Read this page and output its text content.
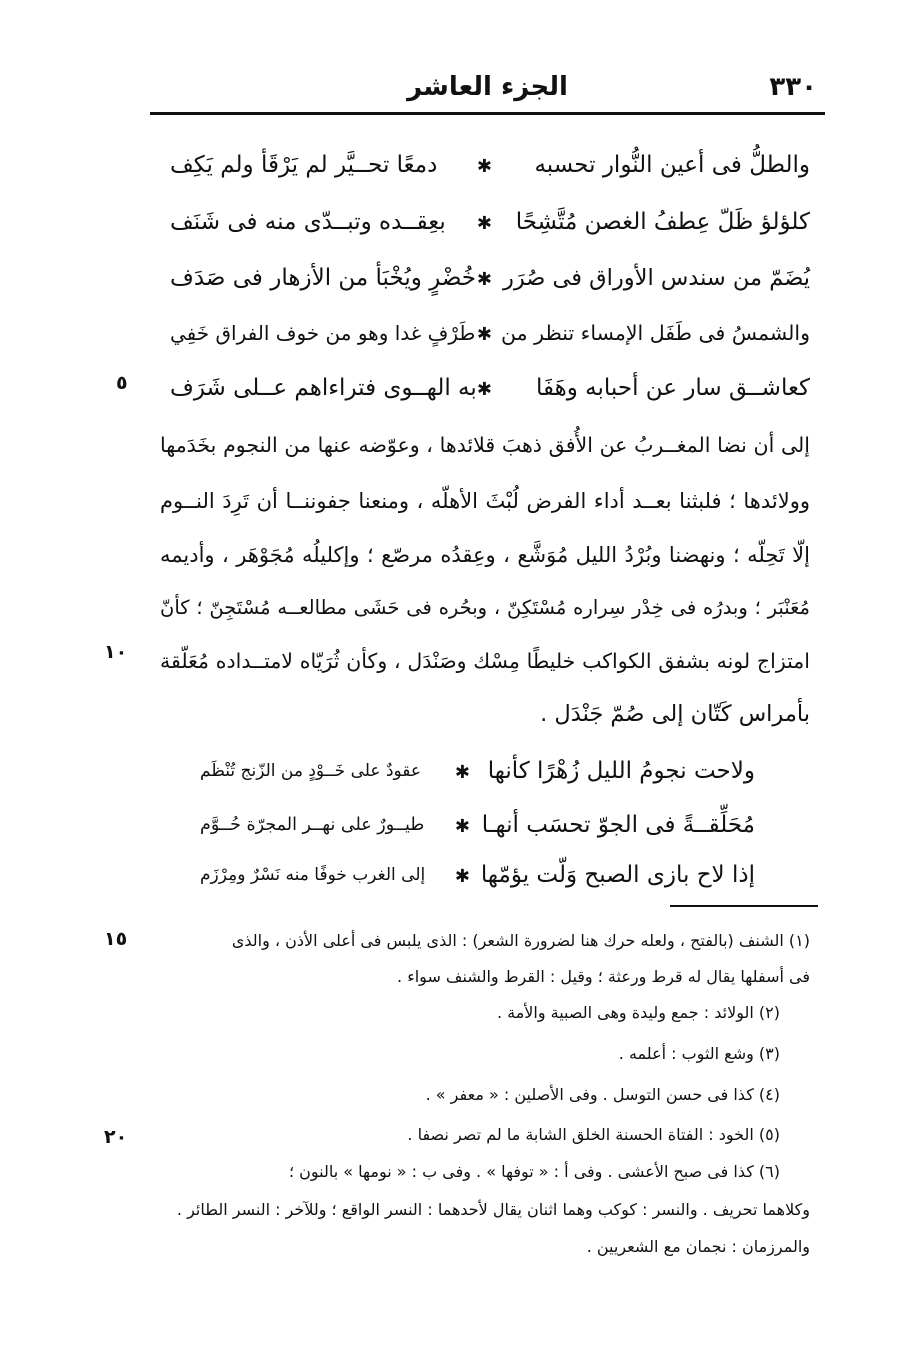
٣٣٠
الجزء العاشر
والطلُّ فى أعين النُّوار تحسبه
✱
دمعًا تحــيَّر لم يَرْقَأ ولم يَكِف
كلؤلؤ ظَلّ عِطفُ الغصن مُتَّشِحًا
✱
بعِقــده وتبــدّى منه فى شَنَف
يُضَمّ من سندس الأوراق فى صُرَر
✱
خُضْرٍ ويُخْبَأ من الأزهار فى صَدَف
والشمسُ فى طَفَل الإمساء تنظر من
✱
طَرْفٍ غدا وهو من خوف الفراق خَفِي
كعاشــق سار عن أحبابه وهَفَا
✱
به الهــوى فتراءاهم عــلى شَرَف
إلى أن نضا المغــربُ عن الأُفق ذهبَ قلائدها ، وعوّضه عنها من النجوم بخَدَمها
وولائدها ؛ فلبثنا بعــد أداء الفرض لُبْثَ الأهلّه ، ومنعنا جفوننــا أن تَرِدَ النــوم
إلّا تَحِلّه ؛ ونهضنا وبُرْدُ الليل مُوَشَّع ، وعِقدُه مرصّع ؛ وإكليلُه مُجَوْهَر ، وأديمه
مُعَنْبَر ؛ وبدرُه فى خِدْر سِراره مُسْتَكِنّ ، وبحُره فى حَشَى مطالعــه مُسْتَجِنّ ؛ كأنّ
امتزاج لونه بشفق الكواكب خليطًا مِسْك وصَنْدَل ، وكأن ثُرَيّاه لامتــداده مُعَلّقة
بأمراس كَتّان إلى صُمّ جَنْدَل .
ولاحت نجومُ الليل زُهْرًا كأنها
✱
عقودٌ على خَــوْدٍ من الزّنج تُنْظَم
مُحَلِّقــةً فى الجوّ تحسَب أنهـا
✱
طيــورٌ على نهــر المجرّة حُــوَّم
إذا لاح بازى الصبح وَلّت يؤمّها
✱
إلى الغرب خوفًا منه نَسْرٌ ومِرْزَم
٥
١٠
١٥
٢٠
(١) الشنف (بالفتح ، ولعله حرك هنا لضرورة الشعر) : الذى يلبس فى أعلى الأذن ، والذى
فى أسفلها يقال له قرط ورعثة ؛ وقيل : القرط والشنف سواء .
(٢) الولائد : جمع وليدة وهى الصبية والأمة .
(٣) وشع الثوب : أعلمه .
(٤) كذا فى حسن التوسل . وفى الأصلين : « معفر » .
(٥) الخود : الفتاة الحسنة الخلق الشابة ما لم تصر نصفا .
(٦) كذا فى صبح الأعشى . وفى أ : « توفها » . وفى ب : « نومها » بالنون ؛
وكلاهما تحريف . والنسر : كوكب وهما اثنان يقال لأحدهما : النسر الواقع ؛ وللآخر : النسر الطائر .
والمرزمان : نجمان مع الشعريين .
